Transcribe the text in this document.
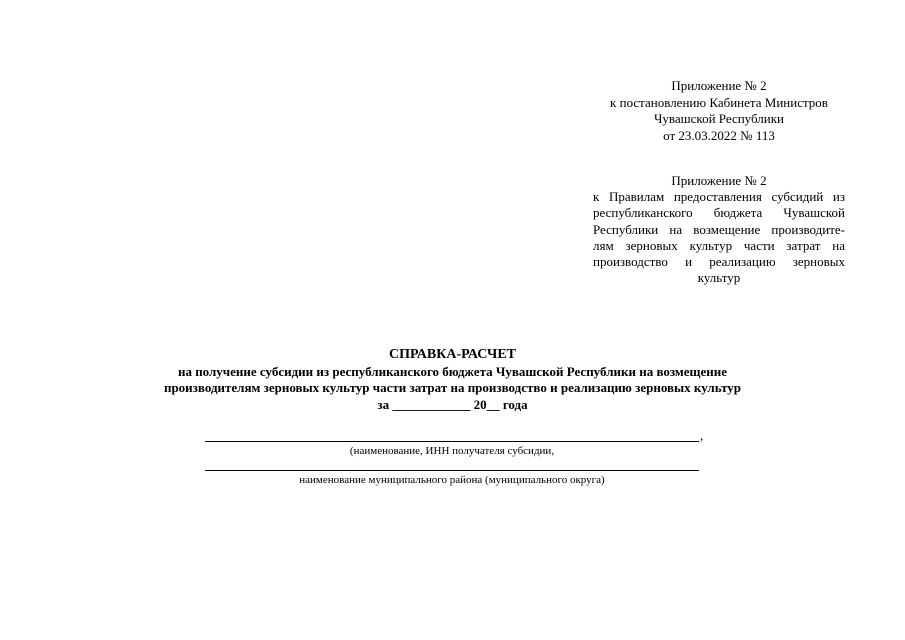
Приложение № 2
к постановлению Кабинета Министров
Чувашской Республики
от 23.03.2022 № 113
Приложение № 2
к Правилам предоставления субсидий из
республиканского бюджета Чувашской
Республики на возмещение производите-
лям зерновых культур части затрат на
производство и реализацию зерновых
культур
СПРАВКА-РАСЧЕТ
на получение субсидии из республиканского бюджета Чувашской Республики на возмещение
производителям зерновых культур части затрат на производство и реализацию зерновых культур
за ____________ 20__ года
,
(наименование, ИНН получателя субсидии,
наименование муниципального района (муниципального округа)
